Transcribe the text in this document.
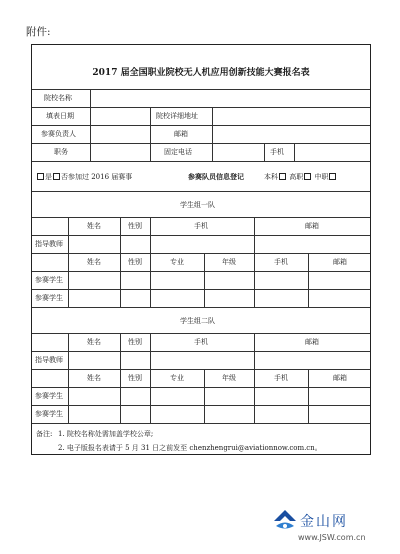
附件:
2017 届全国职业院校无人机应用创新技能大赛报名表
院校名称
填表日期	院校详细地址
参赛负责人	邮箱
职务	固定电话	手机
是 否参加过 2016 届赛事	参赛队员信息登记	本科 高职 中职
学生组一队
姓名	性别	手机	邮箱
指导教师
姓名	性别	专业	年级	手机	邮箱
参赛学生
参赛学生
学生组二队
姓名	性别	手机	邮箱
指导教师
姓名	性别	专业	年级	手机	邮箱
参赛学生
参赛学生
备注: 1. 院校名称处需加盖学校公章;
2. 电子版报名表请于 5 月 31 日之前发至 chenzhengrui@aviationnow.com.cn。
金山网
www.JSW.com.cn
